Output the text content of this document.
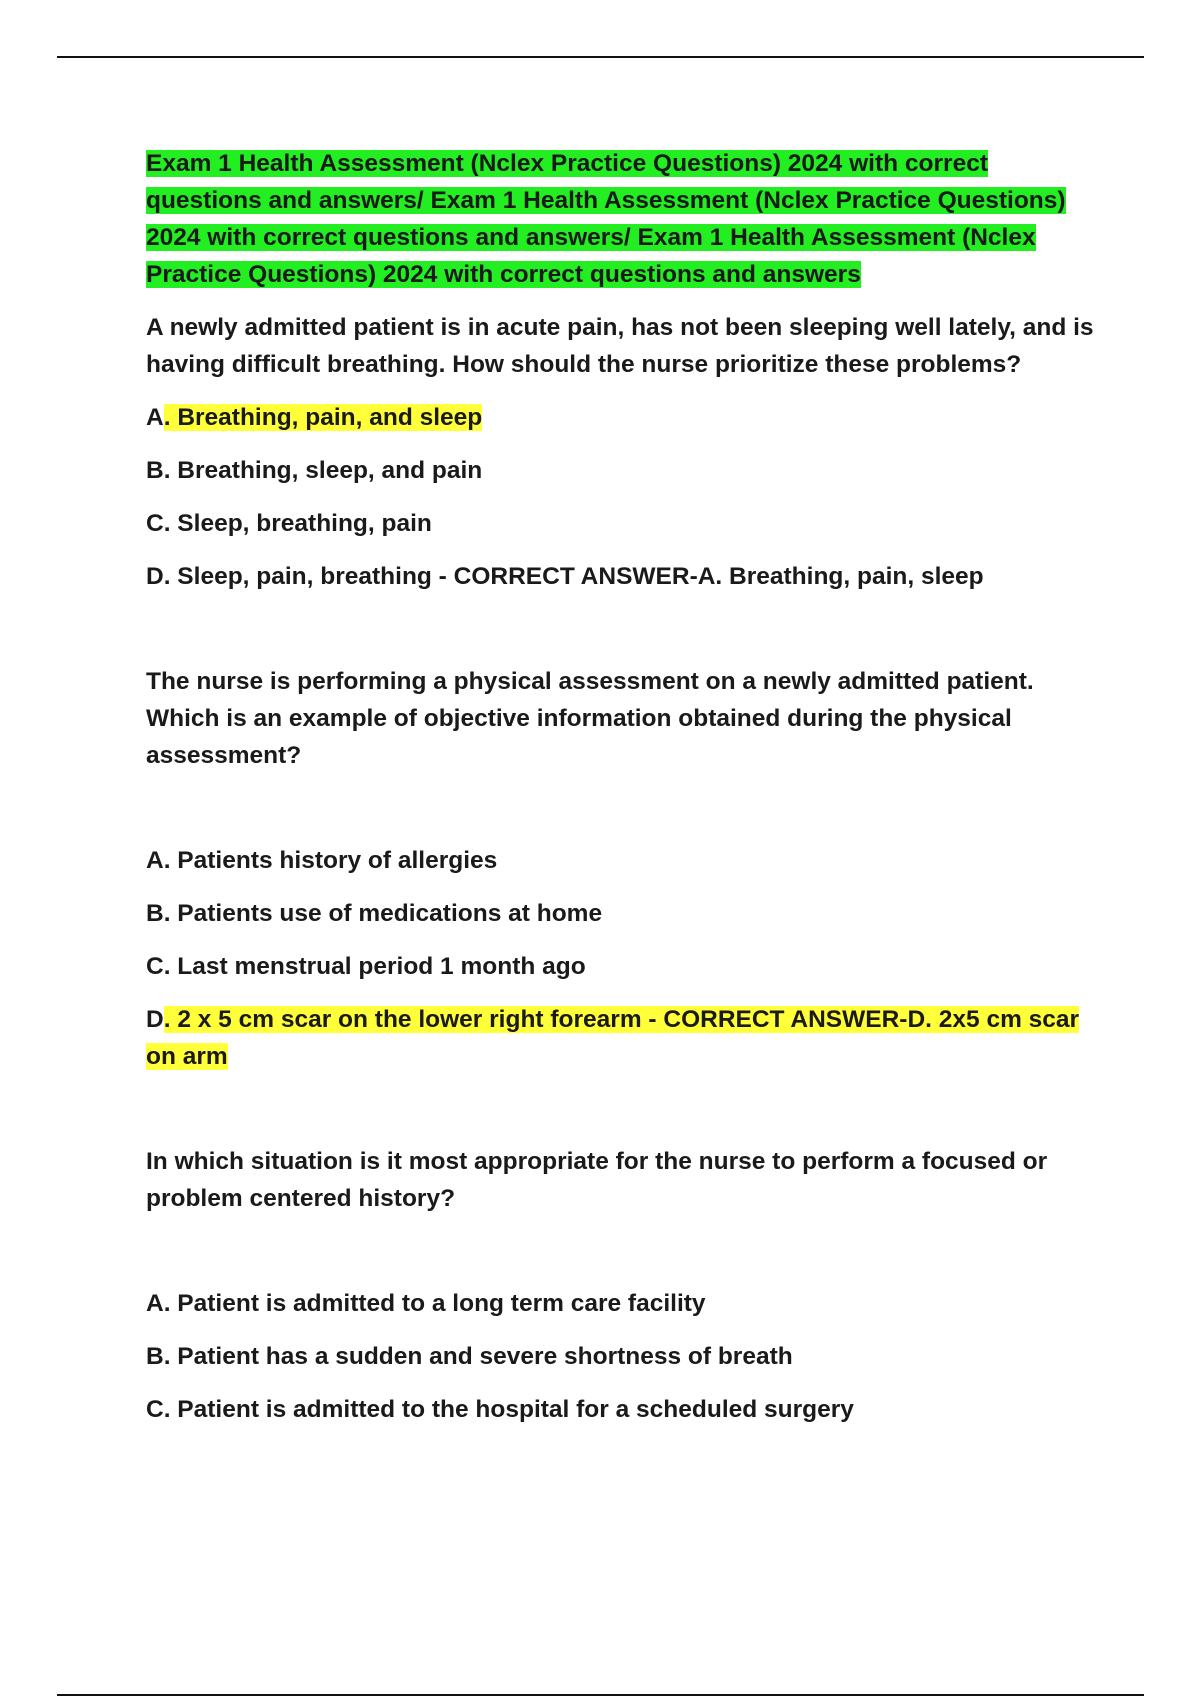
Exam 1 Health Assessment (Nclex Practice Questions) 2024 with correct questions and answers/ Exam 1 Health Assessment (Nclex Practice Questions) 2024 with correct questions and answers/ Exam 1 Health Assessment (Nclex Practice Questions) 2024 with correct questions and answers

A newly admitted patient is in acute pain, has not been sleeping well lately, and is having difficult breathing. How should the nurse prioritize these problems?

A. Breathing, pain, and sleep

B. Breathing, sleep, and pain

C. Sleep, breathing, pain

D. Sleep, pain, breathing - CORRECT ANSWER-A. Breathing, pain, sleep

The nurse is performing a physical assessment on a newly admitted patient. Which is an example of objective information obtained during the physical assessment?

A. Patients history of allergies

B. Patients use of medications at home

C. Last menstrual period 1 month ago

D. 2 x 5 cm scar on the lower right forearm - CORRECT ANSWER-D. 2x5 cm scar on arm

In which situation is it most appropriate for the nurse to perform a focused or problem centered history?

A. Patient is admitted to a long term care facility

B. Patient has a sudden and severe shortness of breath

C. Patient is admitted to the hospital for a scheduled surgery
